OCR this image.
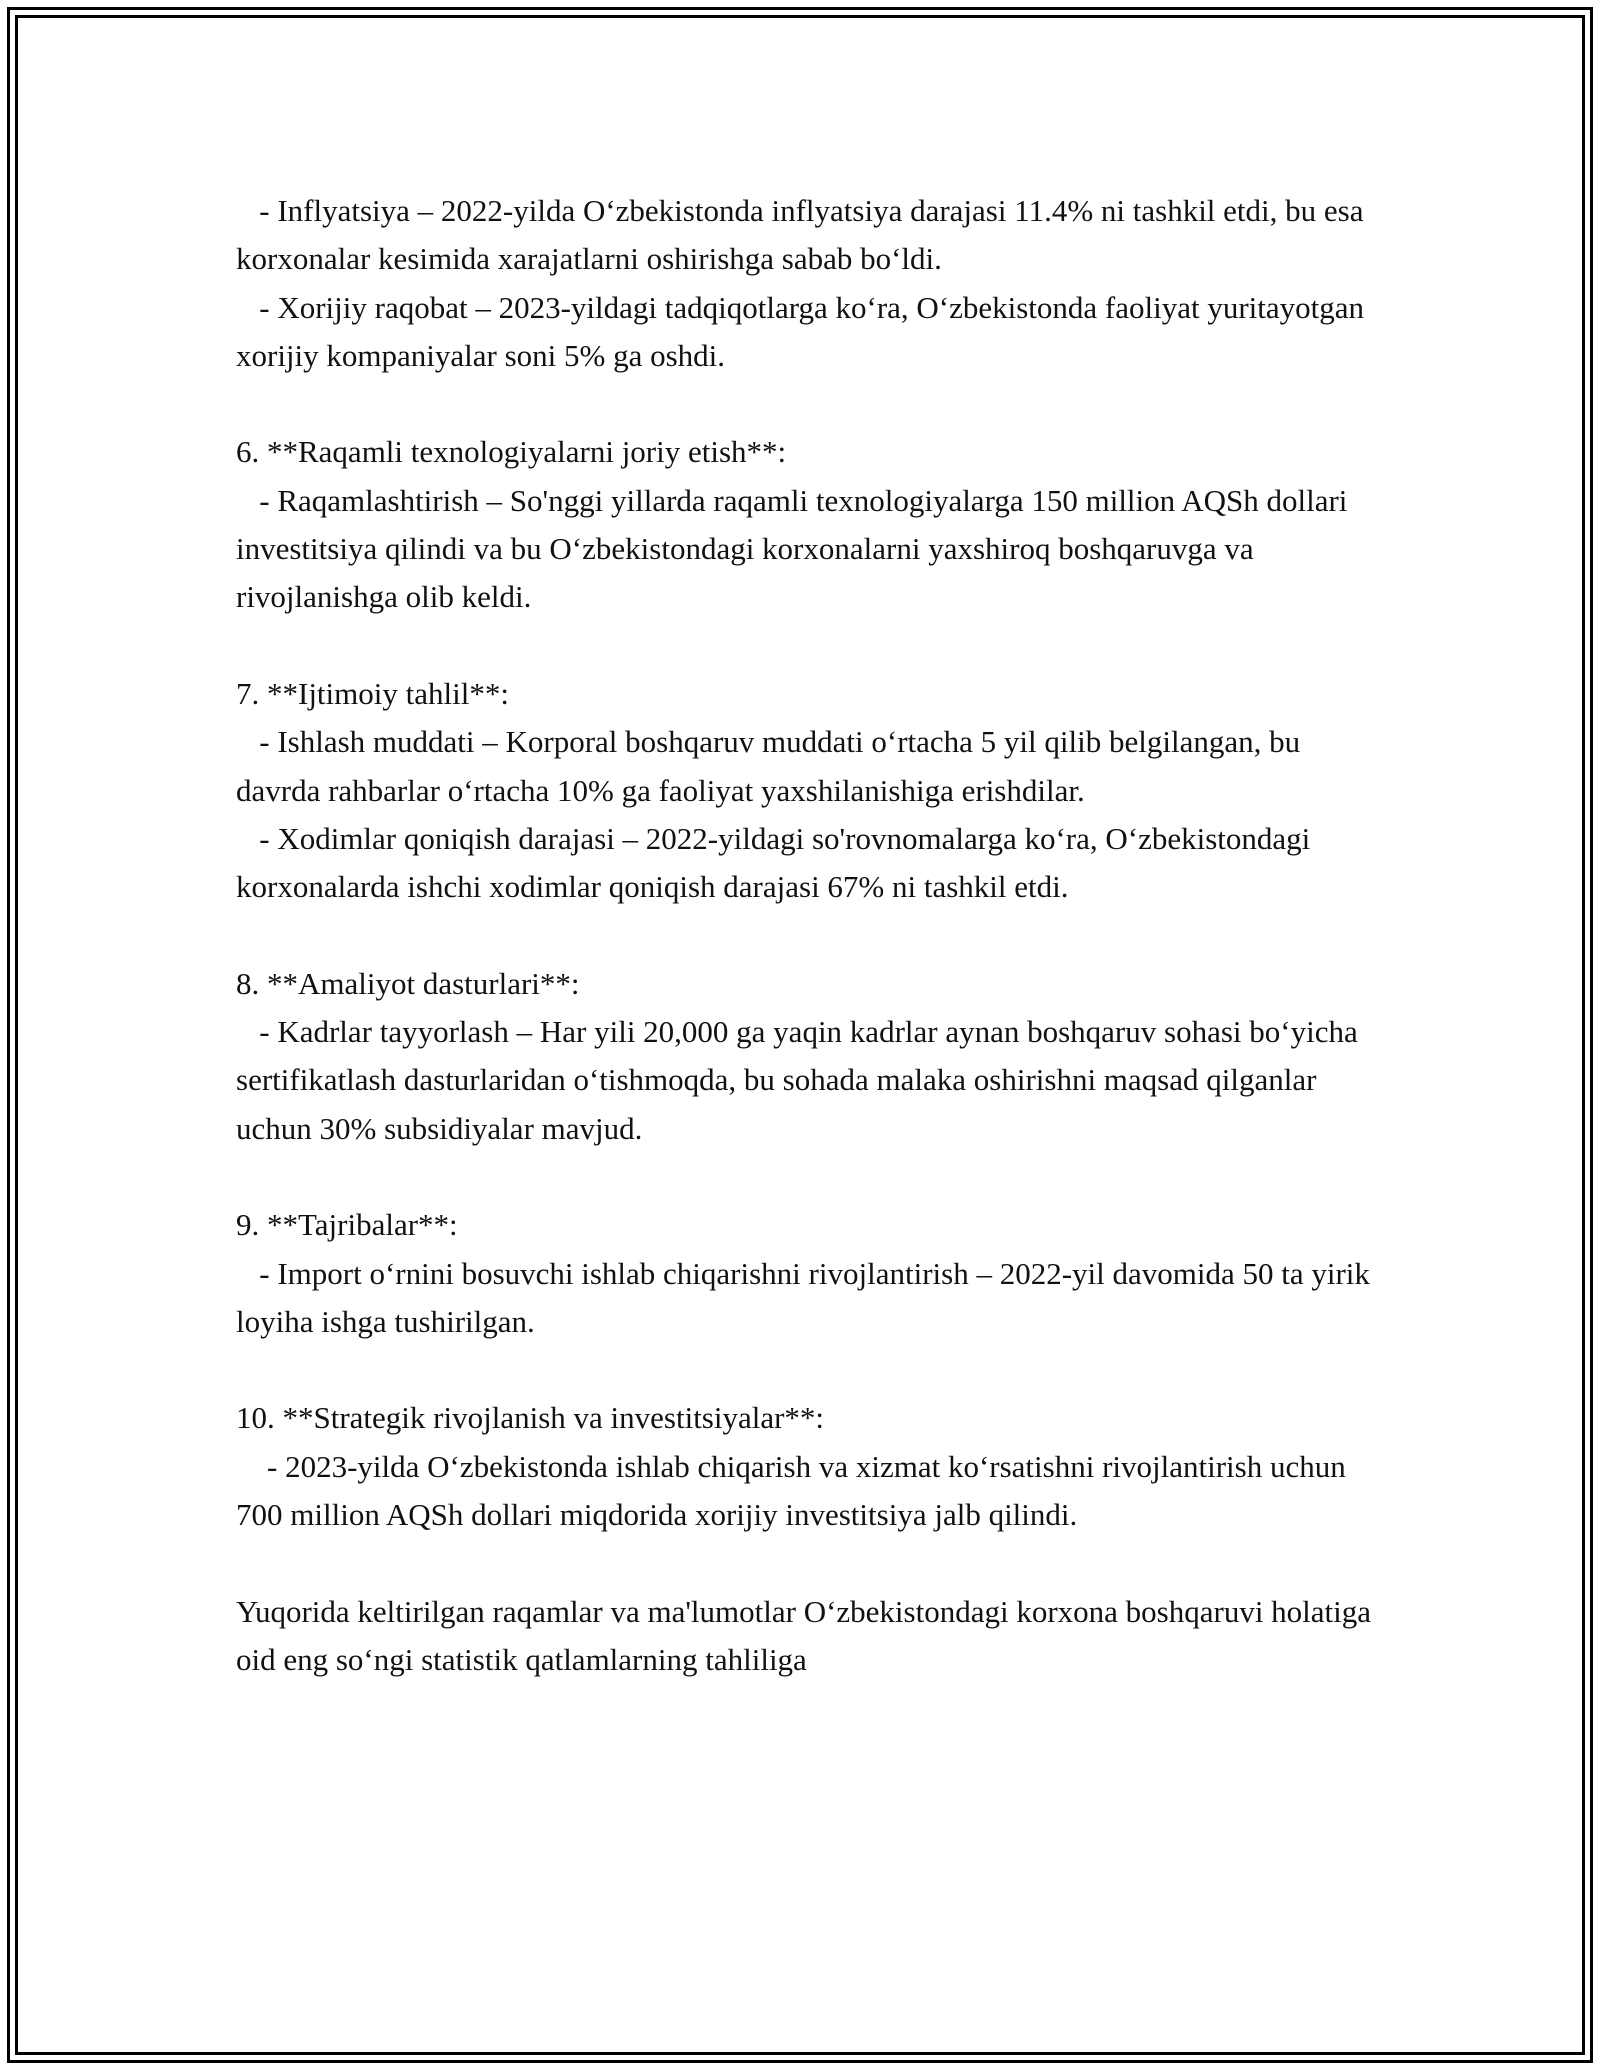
- Inflyatsiya – 2022-yilda O‘zbekistonda inflyatsiya darajasi 11.4% ni tashkil etdi, bu esa korxonalar kesimida xarajatlarni oshirishga sabab bo‘ldi.

- Xorijiy raqobat – 2023-yildagi tadqiqotlarga ko‘ra, O‘zbekistonda faoliyat yuritayotgan xorijiy kompaniyalar soni 5% ga oshdi.

6. **Raqamli texnologiyalarni joriy etish**:

- Raqamlashtirish – So'nggi yillarda raqamli texnologiyalarga 150 million AQSh dollari investitsiya qilindi va bu O‘zbekistondagi korxonalarni yaxshiroq boshqaruvga va rivojlanishga olib keldi.

7. **Ijtimoiy tahlil**:

- Ishlash muddati – Korporal boshqaruv muddati o‘rtacha 5 yil qilib belgilangan, bu davrda rahbarlar o‘rtacha 10% ga faoliyat yaxshilanishiga erishdilar.

- Xodimlar qoniqish darajasi – 2022-yildagi so'rovnomalarga ko‘ra, O‘zbekistondagi korxonalarda ishchi xodimlar qoniqish darajasi 67% ni tashkil etdi.

8. **Amaliyot dasturlari**:

- Kadrlar tayyorlash – Har yili 20,000 ga yaqin kadrlar aynan boshqaruv sohasi bo‘yicha sertifikatlash dasturlaridan o‘tishmoqda, bu sohada malaka oshirishni maqsad qilganlar uchun 30% subsidiyalar mavjud.

9. **Tajribalar**:

- Import o‘rnini bosuvchi ishlab chiqarishni rivojlantirish – 2022-yil davomida 50 ta yirik loyiha ishga tushirilgan.

10. **Strategik rivojlanish va investitsiyalar**:

- 2023-yilda O‘zbekistonda ishlab chiqarish va xizmat ko‘rsatishni rivojlantirish uchun 700 million AQSh dollari miqdorida xorijiy investitsiya jalb qilindi.

Yuqorida keltirilgan raqamlar va ma'lumotlar O‘zbekistondagi korxona boshqaruvi holatiga oid eng so‘ngi statistik qatlamlarning tahliliga
